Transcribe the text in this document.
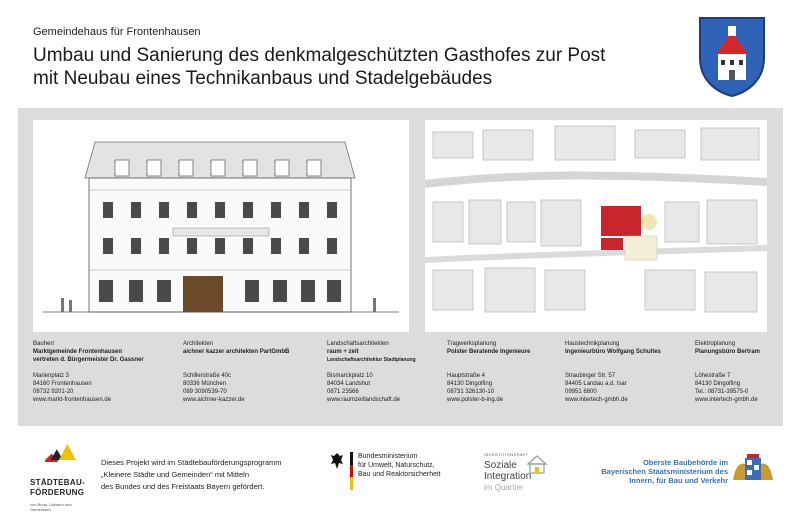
Gemeindehaus für Frontenhausen
Umbau und Sanierung des denkmalgeschützten Gasthofes zur Post
mit Neubau eines Technikanbaus und Stadelgebäudes
Bauherr
Marktgemeinde Frontenhausen
vertreten d. Bürgermeister Dr. Gassner
Marienplatz 3
84160 Frontenhausen
08732 9201-20
www.markt-frontenhausen.de
Architekten
aichner kazzer architekten PartGmbB

Schillerstraße 40c
80336 München
089 3090539-70
www.aichner-kazzer.de
Landschaftsarchitekten
raum + zeit
Landschaftsarchitektur Stadtplanung
Bismarckplatz 10
84034 Landshut
0871 23566
www.raumzeitlandschaft.de
Tragwerksplanung
Polster Beratende Ingenieure

Hauptstraße 4
84130 Dingolfing
08731 326130-10
www.polster-b-ing.de
Haustechnikplanung
Ingenieurbüro Wolfgang Schultes

Straubinger Str. 57
94405 Landau a.d. Isar
09951 6800
www.intertech-gmbh.de
Elektroplanung
Planungsbüro Bertram

Löhestraße 7
84130 Dingolfing
Tel.: 08731-39575-0
www.intertech-gmbh.de
STÄDTEBAU-
FÖRDERUNG
von Bund, Ländern und Gemeinden
Dieses Projekt wird im Städtebauförderungsprogramm
„Kleinere Städte und Gemeinden“ mit Mitteln
des Bundes und des Freistaats Bayern gefördert.
Bundesministerium
für Umwelt, Naturschutz,
Bau und Reaktorsicherheit
INVESTITIONSPAKT
Soziale
Integration
im Quartier
Oberste Baubehörde im
Bayerischen Staatsministerium des
Innern, für Bau und Verkehr
